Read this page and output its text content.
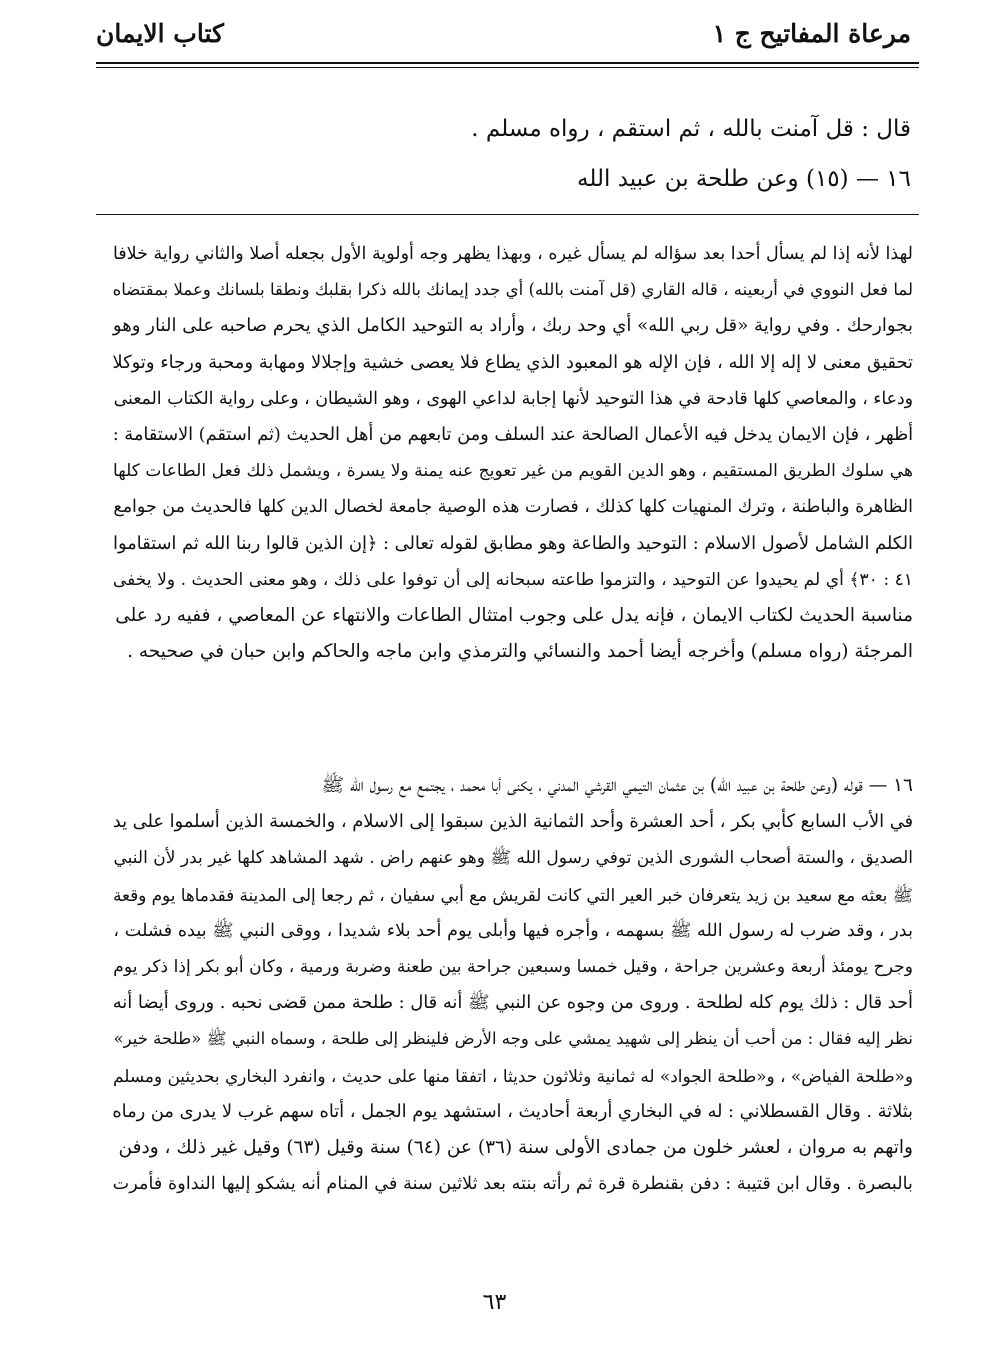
مرعاة المفاتيح ج ١
كتاب الايمان
قال : قل آمنت بالله ، ثم استقم ، رواه مسلم .
١٦ — (١٥) وعن طلحة بن عبيد الله
لهذا لأنه إذا لم يسأل أحدا بعد سؤاله لم يسأل غيره ، وبهذا يظهر وجه أولوية الأول بجعله أصلا والثاني رواية خلافا
لما فعل النووي في أربعينه ، قاله القاري (قل آمنت بالله) أي جدد إيمانك بالله ذكرا بقلبك ونطقا بلسانك وعملا بمقتضاه
بجوارحك . وفي رواية «قل ربي الله» أي وحد ربك ، وأراد به التوحيد الكامل الذي يحرم صاحبه على النار وهو
تحقيق معنى لا إله إلا الله ، فإن الإله هو المعبود الذي يطاع فلا يعصى خشية وإجلالا ومهابة ومحبة ورجاء وتوكلا
ودعاء ، والمعاصي كلها قادحة في هذا التوحيد لأنها إجابة لداعي الهوى ، وهو الشيطان ، وعلى رواية الكتاب المعنى
أظهر ، فإن الايمان يدخل فيه الأعمال الصالحة عند السلف ومن تابعهم من أهل الحديث (ثم استقم) الاستقامة :
هي سلوك الطريق المستقيم ، وهو الدين القويم من غير تعويج عنه يمنة ولا يسرة ، ويشمل ذلك فعل الطاعات كلها
الظاهرة والباطنة ، وترك المنهيات كلها كذلك ، فصارت هذه الوصية جامعة لخصال الدين كلها فالحديث من جوامع
الكلم الشامل لأصول الاسلام : التوحيد والطاعة وهو مطابق لقوله تعالى : ﴿إن الذين قالوا ربنا الله ثم استقاموا
٤١ : ٣٠﴾ أي لم يحيدوا عن التوحيد ، والتزموا طاعته سبحانه إلى أن توفوا على ذلك ، وهو معنى الحديث . ولا يخفى
مناسبة الحديث لكتاب الايمان ، فإنه يدل على وجوب امتثال الطاعات والانتهاء عن المعاصي ، ففيه رد على
المرجئة (رواه مسلم) وأخرجه أيضا أحمد والنسائي والترمذي وابن ماجه والحاكم وابن حبان في صحيحه .
١٦ — قوله (وعن طلحة بن عبيد الله) بن عثمان التيمي القرشي المدني ، يكنى أبا محمد ، يجتمع مع رسول الله ﷺ
في الأب السابع كأبي بكر ، أحد العشرة وأحد الثمانية الذين سبقوا إلى الاسلام ، والخمسة الذين أسلموا على يد
الصديق ، والستة أصحاب الشورى الذين توفي رسول الله ﷺ وهو عنهم راض . شهد المشاهد كلها غير بدر لأن النبي
ﷺ بعثه مع سعيد بن زيد يتعرفان خبر العير التي كانت لقريش مع أبي سفيان ، ثم رجعا إلى المدينة فقدماها يوم وقعة
بدر ، وقد ضرب له رسول الله ﷺ بسهمه ، وأجره فيها وأبلى يوم أحد بلاء شديدا ، ووقى النبي ﷺ بيده فشلت ،
وجرح يومئذ أربعة وعشرين جراحة ، وقيل خمسا وسبعين جراحة بين طعنة وضربة ورمية ، وكان أبو بكر إذا ذكر يوم
أحد قال : ذلك يوم كله لطلحة . وروى من وجوه عن النبي ﷺ أنه قال : طلحة ممن قضى نحبه . وروى أيضا أنه
نظر إليه فقال : من أحب أن ينظر إلى شهيد يمشي على وجه الأرض فلينظر إلى طلحة ، وسماه النبي ﷺ «طلحة خير»
و«طلحة الفياض» ، و«طلحة الجواد» له ثمانية وثلاثون حديثا ، اتفقا منها على حديث ، وانفرد البخاري بحديثين ومسلم
بثلاثة . وقال القسطلاني : له في البخاري أربعة أحاديث ، استشهد يوم الجمل ، أتاه سهم غرب لا يدرى من رماه
واتهم به مروان ، لعشر خلون من جمادى الأولى سنة (٣٦) عن (٦٤) سنة وقيل (٦٣) وقيل غير ذلك ، ودفن
بالبصرة . وقال ابن قتيبة : دفن بقنطرة قرة ثم رأته بنته بعد ثلاثين سنة في المنام أنه يشكو إليها النداوة فأمرت
٦٣
